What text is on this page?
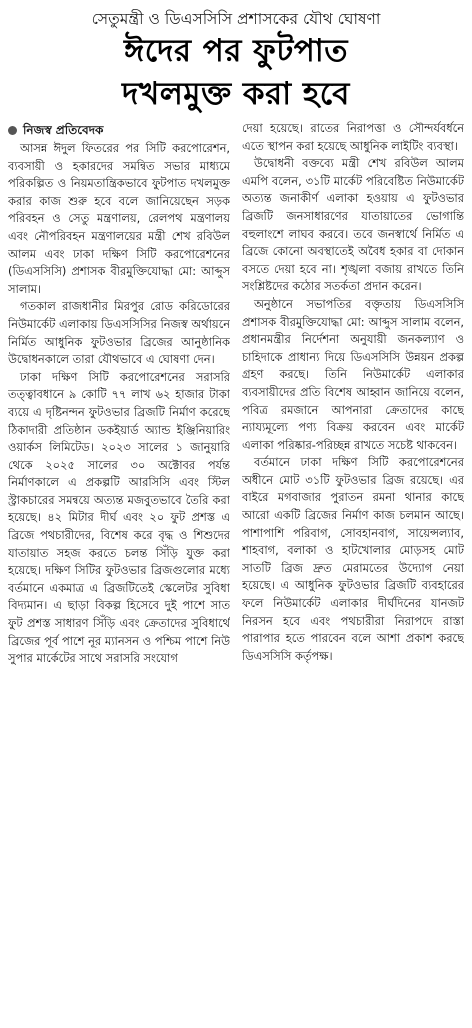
সেতুমন্ত্রী ও ডিএসসিসি প্রশাসকের যৌথ ঘোষণা
ঈদের পর ফুটপাত
দখলমুক্ত করা হবে
নিজস্ব প্রতিবেদক

আসন্ন ঈদুল ফিতরের পর সিটি করপোরেশন, ব্যবসায়ী ও হকারদের সমন্বিত সভার মাধ্যমে পরিকল্পিত ও নিয়মতান্ত্রিকভাবে ফুটপাত দখলমুক্ত করার কাজ শুরু হবে বলে জানিয়েছেন সড়ক পরিবহন ও সেতু মন্ত্রণালয়, রেলপথ মন্ত্রণালয় এবং নৌপরিবহন মন্ত্রণালয়ের মন্ত্রী শেখ রবিউল আলম এবং ঢাকা দক্ষিণ সিটি করপোরেশনের (ডিএসসিসি) প্রশাসক বীরমুক্তিযোদ্ধা মো: আব্দুস সালাম।

গতকাল রাজধানীর মিরপুর রোড করিডোরের নিউমার্কেট এলাকায় ডিএসসিসির নিজস্ব অর্থায়নে নির্মিত আধুনিক ফুটওভার ব্রিজের আনুষ্ঠানিক উদ্বোধনকালে তারা যৌথভাবে এ ঘোষণা দেন।

ঢাকা দক্ষিণ সিটি করপোরেশনের সরাসরি তত্ত্বাবধানে ৯ কোটি ৭৭ লাখ ৬২ হাজার টাকা ব্যয়ে এ দৃষ্টিনন্দন ফুটওভার ব্রিজটি নির্মাণ করেছে ঠিকাদারী প্রতিষ্ঠান ডকইয়ার্ড অ্যান্ড ইঞ্জিনিয়ারিং ওয়ার্কস লিমিটেড। ২০২৩ সালের ১ জানুয়ারি থেকে ২০২৫ সালের ৩০ অক্টোবর পর্যন্ত নির্মাণকালে এ প্রকল্পটি আরসিসি এবং স্টিল স্ট্রাকচারের সমন্বয়ে অত্যন্ত মজবুতভাবে তৈরি করা হয়েছে। ৪২ মিটার দীর্ঘ এবং ২০ ফুট প্রশস্ত এ ব্রিজে পথচারীদের, বিশেষ করে বৃদ্ধ ও শিশুদের যাতায়াত সহজ করতে চলন্ত সিঁড়ি যুক্ত করা হয়েছে। দক্ষিণ সিটির ফুটওভার ব্রিজগুলোর মধ্যে বর্তমানে একমাত্র এ ব্রিজটিতেই স্কেলেটর সুবিধা বিদ্যমান। এ ছাড়া বিকল্প হিসেবে দুই পাশে সাত ফুট প্রশস্ত সাধারণ সিঁড়ি এবং ক্রেতাদের সুবিধার্থে ব্রিজের পূর্ব পাশে নূর ম্যানসন ও পশ্চিম পাশে নিউ সুপার মার্কেটের সাথে সরাসরি সংযোগ

দেয়া হয়েছে। রাতের নিরাপত্তা ও সৌন্দর্যবর্ধনে এতে স্থাপন করা হয়েছে আধুনিক লাইটিং ব্যবস্থা।

উদ্বোধনী বক্তব্যে মন্ত্রী শেখ রবিউল আলম এমপি বলেন, ৩১টি মার্কেট পরিবেষ্টিত নিউমার্কেট অত্যন্ত জনাকীর্ণ এলাকা হওয়ায় এ ফুটওভার ব্রিজটি জনসাধারণের যাতায়াতের ভোগান্তি বহুলাংশে লাঘব করবে। তবে জনস্বার্থে নির্মিত এ ব্রিজে কোনো অবস্থাতেই অবৈধ হকার বা দোকান বসতে দেয়া হবে না। শৃঙ্খলা বজায় রাখতে তিনি সংশ্লিষ্টদের কঠোর সতর্কতা প্রদান করেন।

অনুষ্ঠানে সভাপতির বক্তৃতায় ডিএসসিসি প্রশাসক বীরমুক্তিযোদ্ধা মো: আব্দুস সালাম বলেন, প্রধানমন্ত্রীর নির্দেশনা অনুযায়ী জনকল্যাণ ও চাহিদাকে প্রাধান্য দিয়ে ডিএসসিসি উন্নয়ন প্রকল্প গ্রহণ করছে। তিনি নিউমার্কেট এলাকার ব্যবসায়ীদের প্রতি বিশেষ আহ্বান জানিয়ে বলেন, পবিত্র রমজানে আপনারা ক্রেতাদের কাছে ন্যায্যমূল্যে পণ্য বিক্রয় করবেন এবং মার্কেট এলাকা পরিষ্কার-পরিচ্ছন্ন রাখতে সচেষ্ট থাকবেন।

বর্তমানে ঢাকা দক্ষিণ সিটি করপোরেশনের অধীনে মোট ৩১টি ফুটওভার ব্রিজ রয়েছে। এর বাইরে মগবাজার পুরাতন রমনা থানার কাছে আরো একটি ব্রিজের নির্মাণ কাজ চলমান আছে। পাশাপাশি পরিবাগ, সোবহানবাগ, সায়েন্সল্যাব, শাহবাগ, বলাকা ও হাটখোলার মোড়সহ মোট সাতটি ব্রিজ দ্রুত মেরামতের উদ্যোগ নেয়া হয়েছে। এ আধুনিক ফুটওভার ব্রিজটি ব্যবহারের ফলে নিউমার্কেট এলাকার দীর্ঘদিনের যানজট নিরসন হবে এবং পথচারীরা নিরাপদে রাস্তা পারাপার হতে পারবেন বলে আশা প্রকাশ করছে ডিএসসিসি কর্তৃপক্ষ।
